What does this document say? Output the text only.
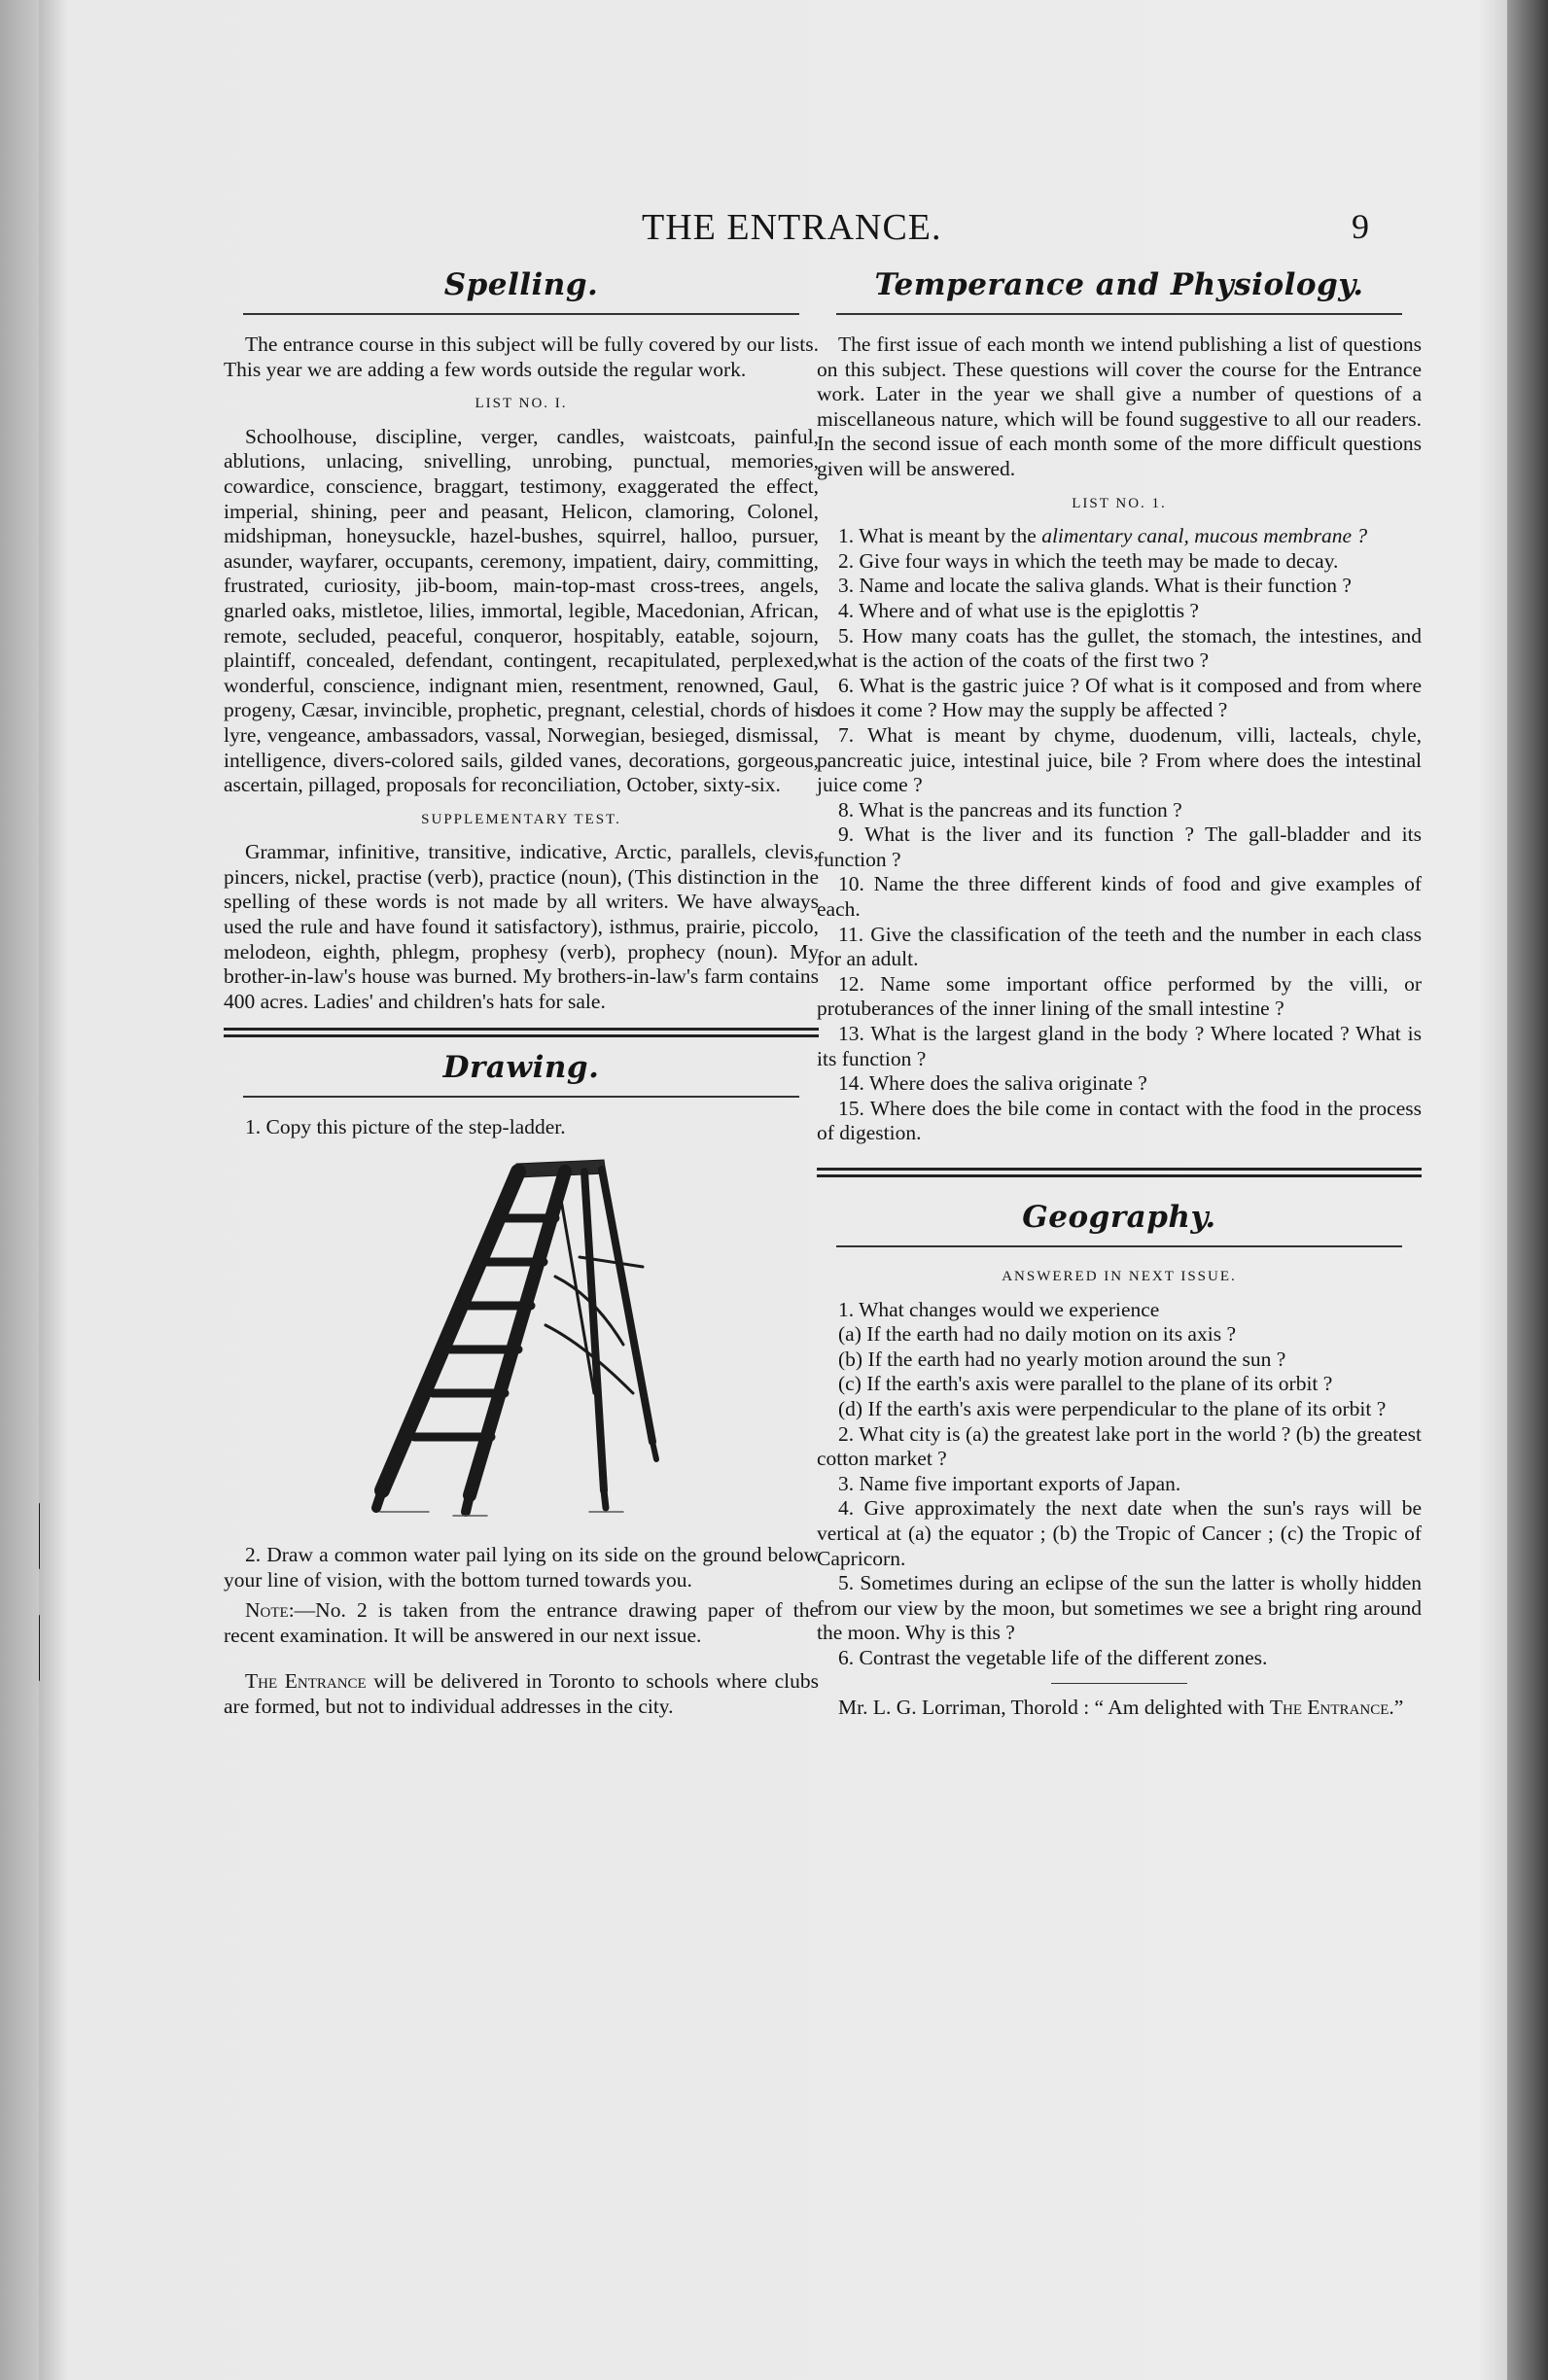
THE ENTRANCE.	9
Spelling.

The entrance course in this subject will be fully covered by our lists. This year we are adding a few words outside the regular work.

LIST NO. I.

Schoolhouse, discipline, verger, candles, waistcoats, painful, ablutions, unlacing, snivelling, unrobing, punctual, memories, cowardice, conscience, braggart, testimony, exaggerated the effect, imperial, shining, peer and peasant, Helicon, clamoring, Colonel, midshipman, honeysuckle, hazel-bushes, squirrel, halloo, pursuer, asunder, wayfarer, occupants, ceremony, impatient, dairy, committing, frustrated, curiosity, jib-boom, main-top-mast cross-trees, angels, gnarled oaks, mistletoe, lilies, immortal, legible, Macedonian, African, remote, secluded, peaceful, conqueror, hospitably, eatable, sojourn, plaintiff, concealed, defendant, contingent, recapitulated, perplexed, wonderful, conscience, indignant mien, resentment, renowned, Gaul, progeny, Cæsar, invincible, prophetic, pregnant, celestial, chords of his lyre, vengeance, ambassadors, vassal, Norwegian, besieged, dismissal, intelligence, divers-colored sails, gilded vanes, decorations, gorgeous, ascertain, pillaged, proposals for reconciliation, October, sixty-six.

SUPPLEMENTARY TEST.

Grammar, infinitive, transitive, indicative, Arctic, parallels, clevis, pincers, nickel, practise (verb), practice (noun), (This distinction in the spelling of these words is not made by all writers. We have always used the rule and have found it satisfactory), isthmus, prairie, piccolo, melodeon, eighth, phlegm, prophesy (verb), prophecy (noun). My brother-in-law's house was burned. My brothers-in-law's farm contains 400 acres. Ladies' and children's hats for sale.

Drawing.

1. Copy this picture of the step-ladder.

2. Draw a common water pail lying on its side on the ground below your line of vision, with the bottom turned towards you.

Note:—No. 2 is taken from the entrance drawing paper of the recent examination. It will be answered in our next issue.

The Entrance will be delivered in Toronto to schools where clubs are formed, but not to individual addresses in the city.

Temperance and Physiology.

The first issue of each month we intend publishing a list of questions on this subject. These questions will cover the course for the Entrance work. Later in the year we shall give a number of questions of a miscellaneous nature, which will be found suggestive to all our readers. In the second issue of each month some of the more difficult questions given will be answered.

LIST NO. 1.

1. What is meant by the alimentary canal, mucous membrane ?

2. Give four ways in which the teeth may be made to decay.

3. Name and locate the saliva glands. What is their function ?

4. Where and of what use is the epiglottis ?

5. How many coats has the gullet, the stomach, the intestines, and what is the action of the coats of the first two ?

6. What is the gastric juice ? Of what is it composed and from where does it come ? How may the supply be affected ?

7. What is meant by chyme, duodenum, villi, lacteals, chyle, pancreatic juice, intestinal juice, bile ? From where does the intestinal juice come ?

8. What is the pancreas and its function ?

9. What is the liver and its function ? The gall-bladder and its function ?

10. Name the three different kinds of food and give examples of each.

11. Give the classification of the teeth and the number in each class for an adult.

12. Name some important office performed by the villi, or protuberances of the inner lining of the small intestine ?

13. What is the largest gland in the body ? Where located ? What is its function ?

14. Where does the saliva originate ?

15. Where does the bile come in contact with the food in the process of digestion.

Geography.
ANSWERED IN NEXT ISSUE.

1. What changes would we experience

(a) If the earth had no daily motion on its axis ?

(b) If the earth had no yearly motion around the sun ?

(c) If the earth's axis were parallel to the plane of its orbit ?

(d) If the earth's axis were perpendicular to the plane of its orbit ?

2. What city is (a) the greatest lake port in the world ? (b) the greatest cotton market ?

3. Name five important exports of Japan.

4. Give approximately the next date when the sun's rays will be vertical at (a) the equator ; (b) the Tropic of Cancer ; (c) the Tropic of Capricorn.

5. Sometimes during an eclipse of the sun the latter is wholly hidden from our view by the moon, but sometimes we see a bright ring around the moon. Why is this ?

6. Contrast the vegetable life of the different zones.

Mr. L. G. Lorriman, Thorold : “ Am delighted with The Entrance.”
